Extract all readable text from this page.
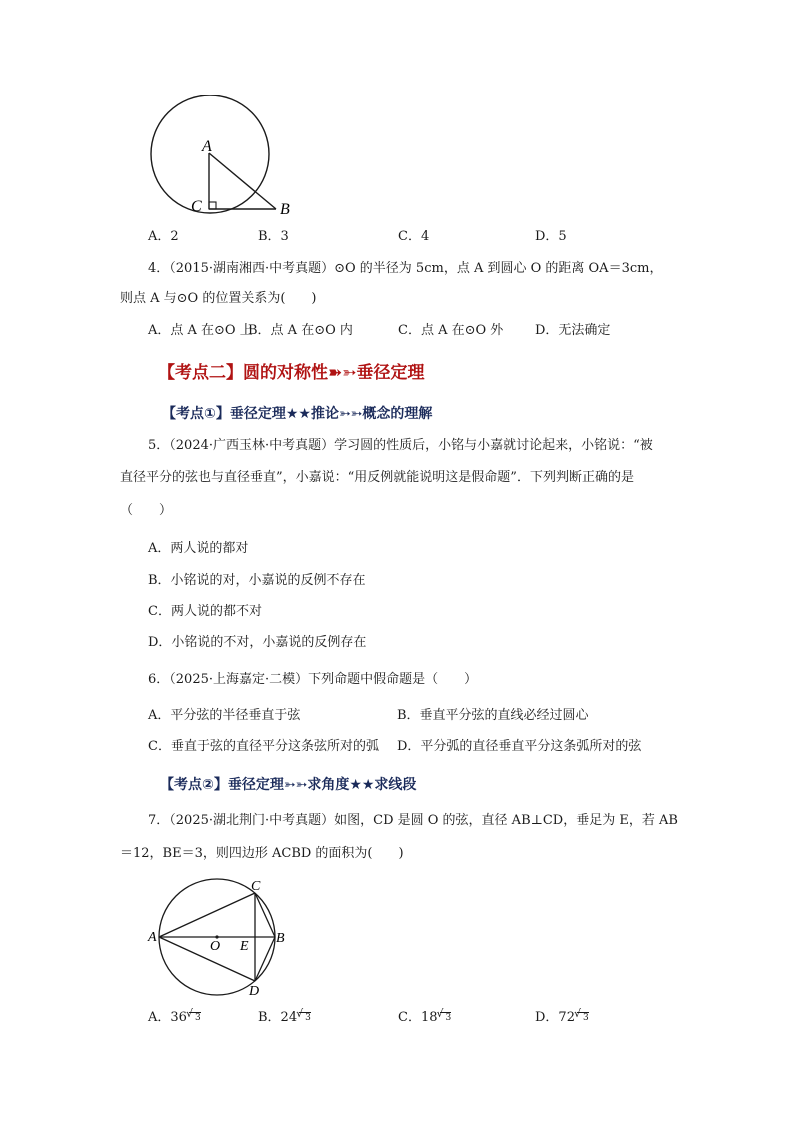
A
C	B
A．2	B．3	C．4	D．5
4．（2015·湖南湘西·中考真题）⊙O 的半径为 5cm，点 A 到圆心 O 的距离 OA＝3cm，
则点 A 与⊙O 的位置关系为(　　)
A．点 A 在⊙O 上
B．点 A 在⊙O 内	C．点 A 在⊙O 外 D．无法确定
【考点二】圆的对称性➽➳垂径定理
【考点①】垂径定理★★推论➳➳概念的理解
5．（2024·广西玉林·中考真题）学习圆的性质后，小铭与小嘉就讨论起来，小铭说：“被
直径平分的弦也与直径垂直”，小嘉说：“用反例就能说明这是假命题”．下列判断正确的是
（　　）
A．两人说的都对
B．小铭说的对，小嘉说的反例不存在
C．两人说的都不对
D．小铭说的不对，小嘉说的反例存在
6．（2025·上海嘉定·二模）下列命题中假命题是（　　）
A．平分弦的半径垂直于弦	B．垂直平分弦的直线必经过圆心
C．垂直于弦的直径平分这条弦所对的弧 D．平分弧的直径垂直平分这条弧所对的弦
【考点②】垂径定理➳➳求角度★★求线段
7．（2025·湖北荆门·中考真题）如图，CD 是圆 O 的弦，直径 AB⊥CD，垂足为 E，若 AB
＝12，BE＝3，则四边形 ACBD 的面积为(　　)
A	B
C
D
E
O
A．36 √ 3	B．24 √ 3	C．18 √ 3	D．72 √ 3
